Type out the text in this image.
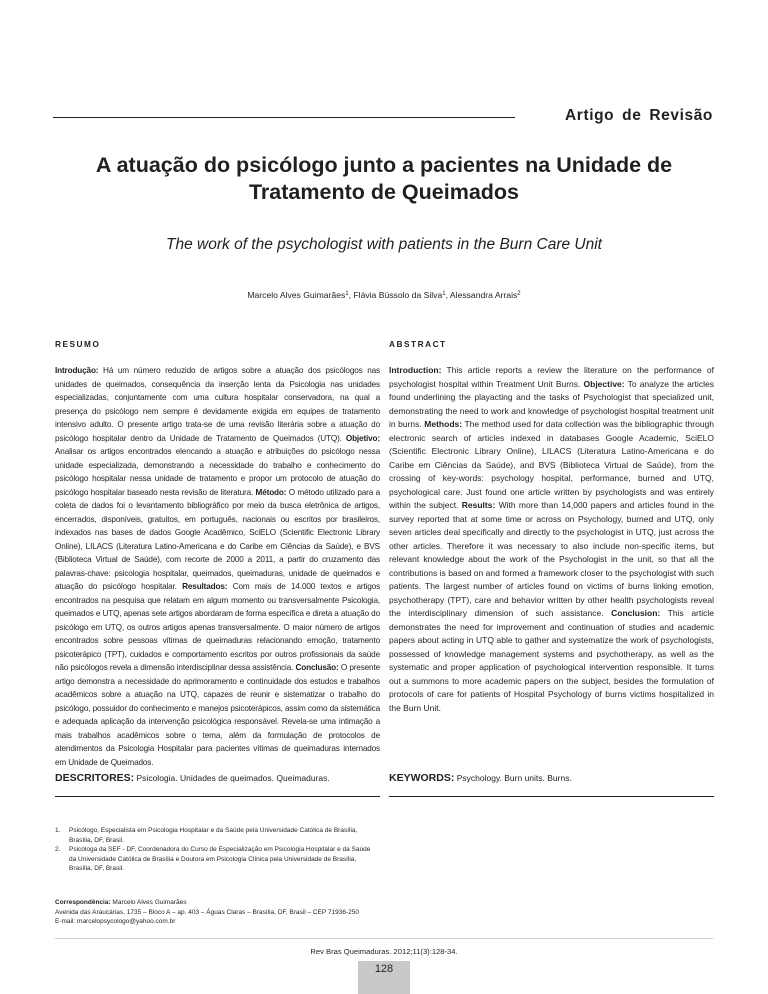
Artigo de Revisão
A atuação do psicólogo junto a pacientes na Unidade de
Tratamento de Queimados
The work of the psychologist with patients in the Burn Care Unit
Marcelo Alves Guimarães$^1$, Flávia Bússolo da Silva$^1$, Alessandra Arrais$^2$
RESUMO
Introdução: Há um número reduzido de artigos sobre a atuação dos psicólogos nas unidades de queimados, consequência da inserção lenta da Psicologia nas unidades especializadas, conjuntamente com uma cultura hospitalar conservadora, na qual a presença do psicólogo nem sempre é devidamente exigida em equipes de tratamento intensivo adulto. O presente artigo trata-se de uma revisão literária sobre a atuação do psicólogo hospitalar dentro da Unidade de Tratamento de Queimados (UTQ). Objetivo: Analisar os artigos encontrados elencando a atuação e atribuições do psicólogo nessa unidade especializada, demonstrando a necessidade do trabalho e conhecimento do psicólogo hospitalar nessa unidade de tratamento e propor um protocolo de atuação do psicólogo hospitalar baseado nesta revisão de literatura. Método: O método utilizado para a coleta de dados foi o levantamento bibliográfico por meio da busca eletrônica de artigos, encerrados, disponíveis, gratuitos, em português, nacionais ou escritos por brasileiros, indexados nas bases de dados Google Acadêmico, SciELO (Scientific Electronic Library Online), LILACS (Literatura Latino-Americana e do Caribe em Ciências da Saúde), e BVS (Biblioteca Virtual de Saúde), com recorte de 2000 a 2011, a partir do cruzamento das palavras-chave: psicologia hospitalar, queimados, queimaduras, unidade de queimados e atuação do psicólogo hospitalar. Resultados: Com mais de 14.000 textos e artigos encontrados na pesquisa que relatam em algum momento ou transversalmente Psicologia, queimados e UTQ, apenas sete artigos abordaram de forma específica e direta a atuação do psicólogo em UTQ, os outros artigos apenas transversalmente. O maior número de artigos encontrados sobre pessoas vítimas de queimaduras relacionando emoção, tratamento psicoterápico (TPT), cuidados e comportamento escritos por outros profissionais da saúde não psicólogos revela a dimensão interdisciplinar dessa assistência. Conclusão: O presente artigo demonstra a necessidade do aprimoramento e continuidade dos estudos e trabalhos acadêmicos sobre a atuação na UTQ, capazes de reunir e sistematizar o trabalho do psicólogo, possuidor do conhecimento e manejos psicoterápicos, assim como da sistemática e adequada aplicação da intervenção psicológica responsável. Revela-se uma intimação a mais trabalhos acadêmicos sobre o tema, além da formulação de protocolos de atendimentos da Psicologia Hospitalar para pacientes vítimas de queimaduras internados em Unidade de Queimados.
ABSTRACT
Introduction: This article reports a review the literature on the performance of psychologist hospital within Treatment Unit Burns. Objective: To analyze the articles found underlining the playacting and the tasks of Psychologist that specialized unit, demonstrating the need to work and knowledge of psychologist hospital treatment unit in burns. Methods: The method used for data collection was the bibliographic through electronic search of articles indexed in databases Google Academic, SciELO (Scientific Electronic Library Online), LILACS (Literatura Latino-Americana e do Caribe em Ciências da Saúde), and BVS (Biblioteca Virtual de Saúde), from the crossing of key-words: psychology hospital, performance, burned and UTQ, psychological care. Just found one article written by psychologists and was entirely within the subject. Results: With more than 14,000 papers and articles found in the survey reported that at some time or across on Psychology, burned and UTQ, only seven articles deal specifically and directly to the psychologist in UTQ, just across the other articles. Therefore it was necessary to also include non-specific items, but relevant knowledge about the work of the Psychologist in the unit, so that all the contributions is based on and formed a framework closer to the psychologist with such patients. The largest number of articles found on victims of burns linking emotion, psychotherapy (TPT), care and behavior written by other health psychologists reveal the interdisciplinary dimension of such assistance. Conclusion: This article demonstrates the need for improvement and continuation of studies and academic papers about acting in UTQ able to gather and systematize the work of psychologists, possessed of knowledge management systems and psychotherapy, as well as the systematic and proper application of psychological intervention responsible. It turns out a summons to more academic papers on the subject, besides the formulation of protocols of care for patients of Hospital Psychology of burns victims hospitalized in the Burn Unit.
DESCRITORES: Psicologia. Unidades de queimados. Queimaduras.	KEYWORDS: Psychology. Burn units. Burns.
1.	Psicólogo, Especialista em Psicologia Hospitalar e da Saúde pela Universidade Católica de Brasília, Brasília, DF, Brasil.
2.	Psicóloga da SEF - DF, Coordenadora do Curso de Especialização em Psicologia Hospitalar e da Saúde da Universidade Católica de Brasília e Doutora em Psicologia Clínica pela Universidade de Brasília, Brasília, DF, Brasil.
Correspondência: Marcelo Alves Guimarães
Avenida das Araucárias, 1735 – Bloco A – ap. 403 – Águas Claras – Brasília, DF, Brasil – CEP 71936-250
E-mail: marcelopsycologo@yahoo.com.br
Rev Bras Queimaduras. 2012;11(3):128-34.
128
